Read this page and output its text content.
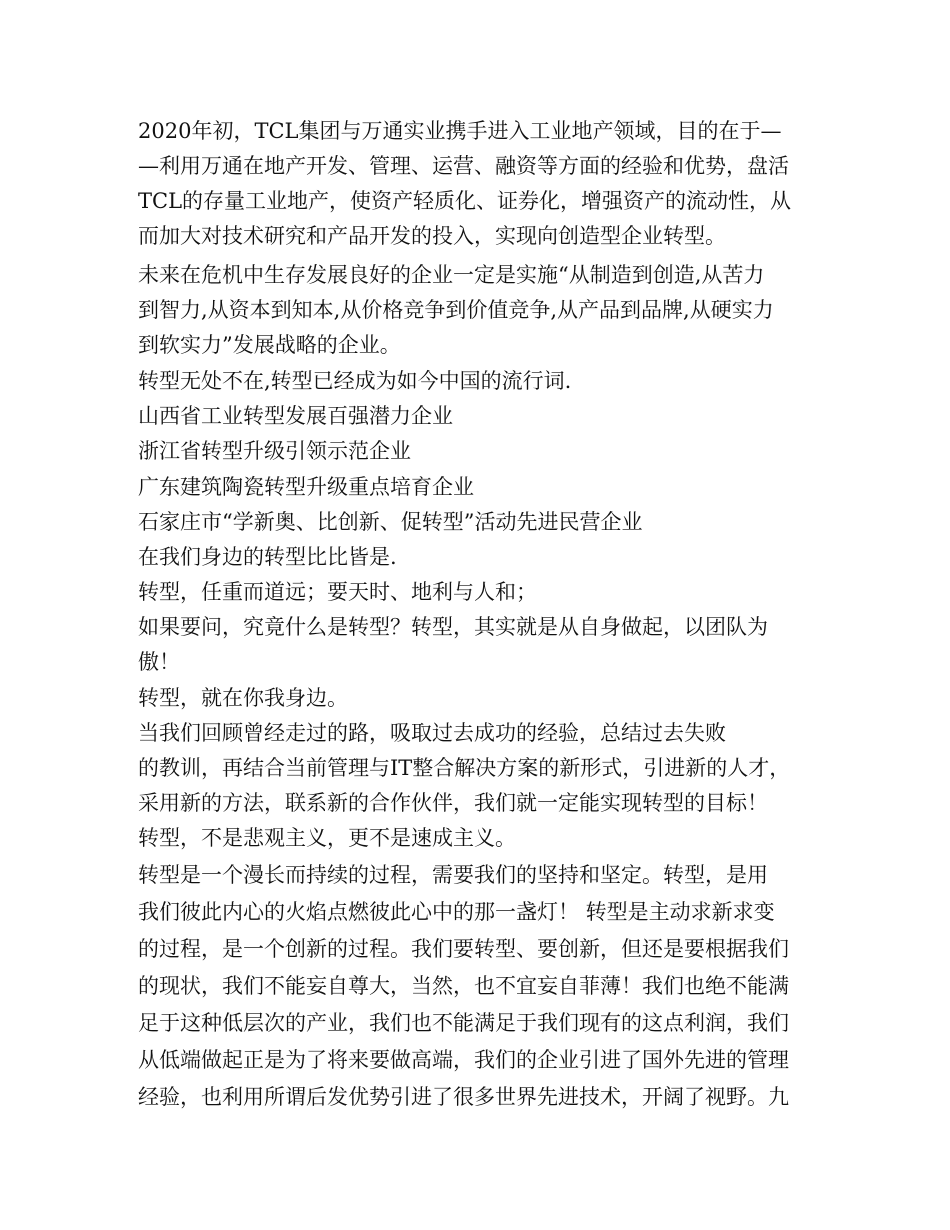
2020年初，TCL集团与万通实业携手进入工业地产领域，目的在于—
—利用万通在地产开发、管理、运营、融资等方面的经验和优势，盘活
TCL的存量工业地产，使资产轻质化、证券化，增强资产的流动性，从
而加大对技术研究和产品开发的投入，实现向创造型企业转型。
未来在危机中生存发展良好的企业一定是实施“从制造到创造,从苦力
到智力,从资本到知本,从价格竞争到价值竞争,从产品到品牌,从硬实力
到软实力”发展战略的企业。
转型无处不在,转型已经成为如今中国的流行词.
山西省工业转型发展百强潜力企业
浙江省转型升级引领示范企业
广东建筑陶瓷转型升级重点培育企业
石家庄市“学新奥、比创新、促转型”活动先进民营企业
在我们身边的转型比比皆是.
转型，任重而道远；要天时、地利与人和；
如果要问，究竟什么是转型？转型，其实就是从自身做起，以团队为
傲！
转型，就在你我身边。
当我们回顾曾经走过的路，吸取过去成功的经验，总结过去失败
的教训，再结合当前管理与IT整合解决方案的新形式，引进新的人才，
采用新的方法，联系新的合作伙伴，我们就一定能实现转型的目标！
转型，不是悲观主义，更不是速成主义。
转型是一个漫长而持续的过程，需要我们的坚持和坚定。转型，是用
我们彼此内心的火焰点燃彼此心中的那一盏灯！ 转型是主动求新求变
的过程，是一个创新的过程。我们要转型、要创新，但还是要根据我们
的现状，我们不能妄自尊大，当然，也不宜妄自菲薄！我们也绝不能满
足于这种低层次的产业，我们也不能满足于我们现有的这点利润，我们
从低端做起正是为了将来要做高端，我们的企业引进了国外先进的管理
经验，也利用所谓后发优势引进了很多世界先进技术，开阔了视野。九
